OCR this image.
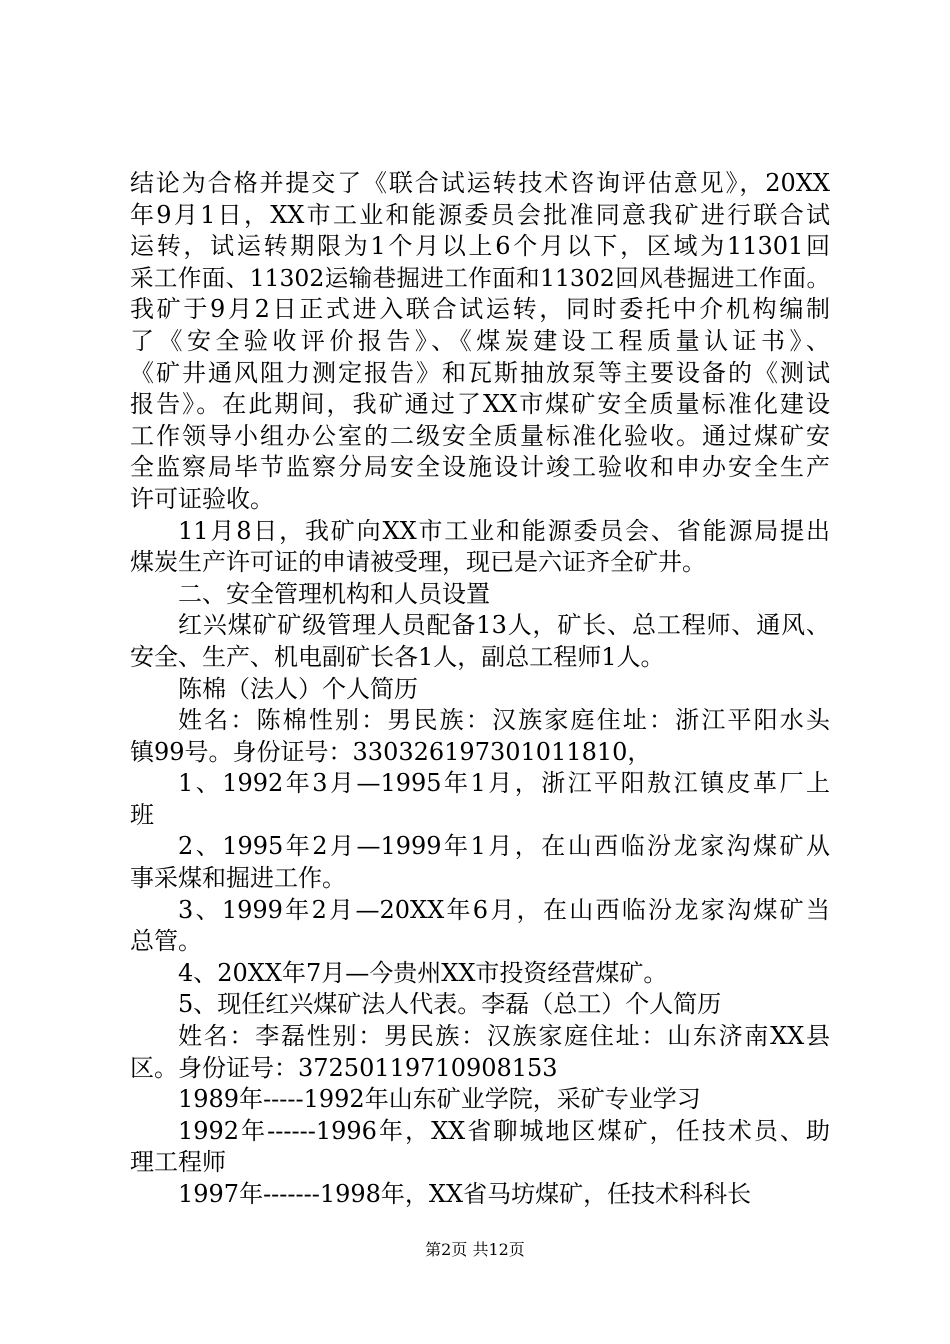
结论为合格并提交了《联合试运转技术咨询评估意见》，20XX
年9月1日，XX市工业和能源委员会批准同意我矿进行联合试
运转，试运转期限为1个月以上6个月以下，区域为11301回
采工作面、11302运输巷掘进工作面和11302回风巷掘进工作面。
我矿于9月2日正式进入联合试运转，同时委托中介机构编制
了《安全验收评价报告》、《煤炭建设工程质量认证书》、
《矿井通风阻力测定报告》和瓦斯抽放泵等主要设备的《测试
报告》。在此期间，我矿通过了XX市煤矿安全质量标准化建设
工作领导小组办公室的二级安全质量标准化验收。通过煤矿安
全监察局毕节监察分局安全设施设计竣工验收和申办安全生产
许可证验收。
11月8日，我矿向XX市工业和能源委员会、省能源局提出
煤炭生产许可证的申请被受理，现已是六证齐全矿井。
二、安全管理机构和人员设置
红兴煤矿矿级管理人员配备13人，矿长、总工程师、通风、
安全、生产、机电副矿长各1人，副总工程师1人。
陈棉（法人）个人简历
姓名：陈棉性别：男民族：汉族家庭住址：浙江平阳水头
镇99号。身份证号：330326197301011810，
1、1992年3月—1995年1月，浙江平阳敖江镇皮革厂上
班
2、1995年2月—1999年1月，在山西临汾龙家沟煤矿从
事采煤和掘进工作。
3、1999年2月—20XX年6月，在山西临汾龙家沟煤矿当
总管。
4、20XX年7月—今贵州XX市投资经营煤矿。
5、现任红兴煤矿法人代表。李磊（总工）个人简历
姓名：李磊性别：男民族：汉族家庭住址：山东济南XX县
区。身份证号：37250119710908153
1989年-----1992年山东矿业学院，采矿专业学习
1992年------1996年，XX省聊城地区煤矿，任技术员、助
理工程师
1997年-------1998年，XX省马坊煤矿，任技术科科长
第2页 共12页
